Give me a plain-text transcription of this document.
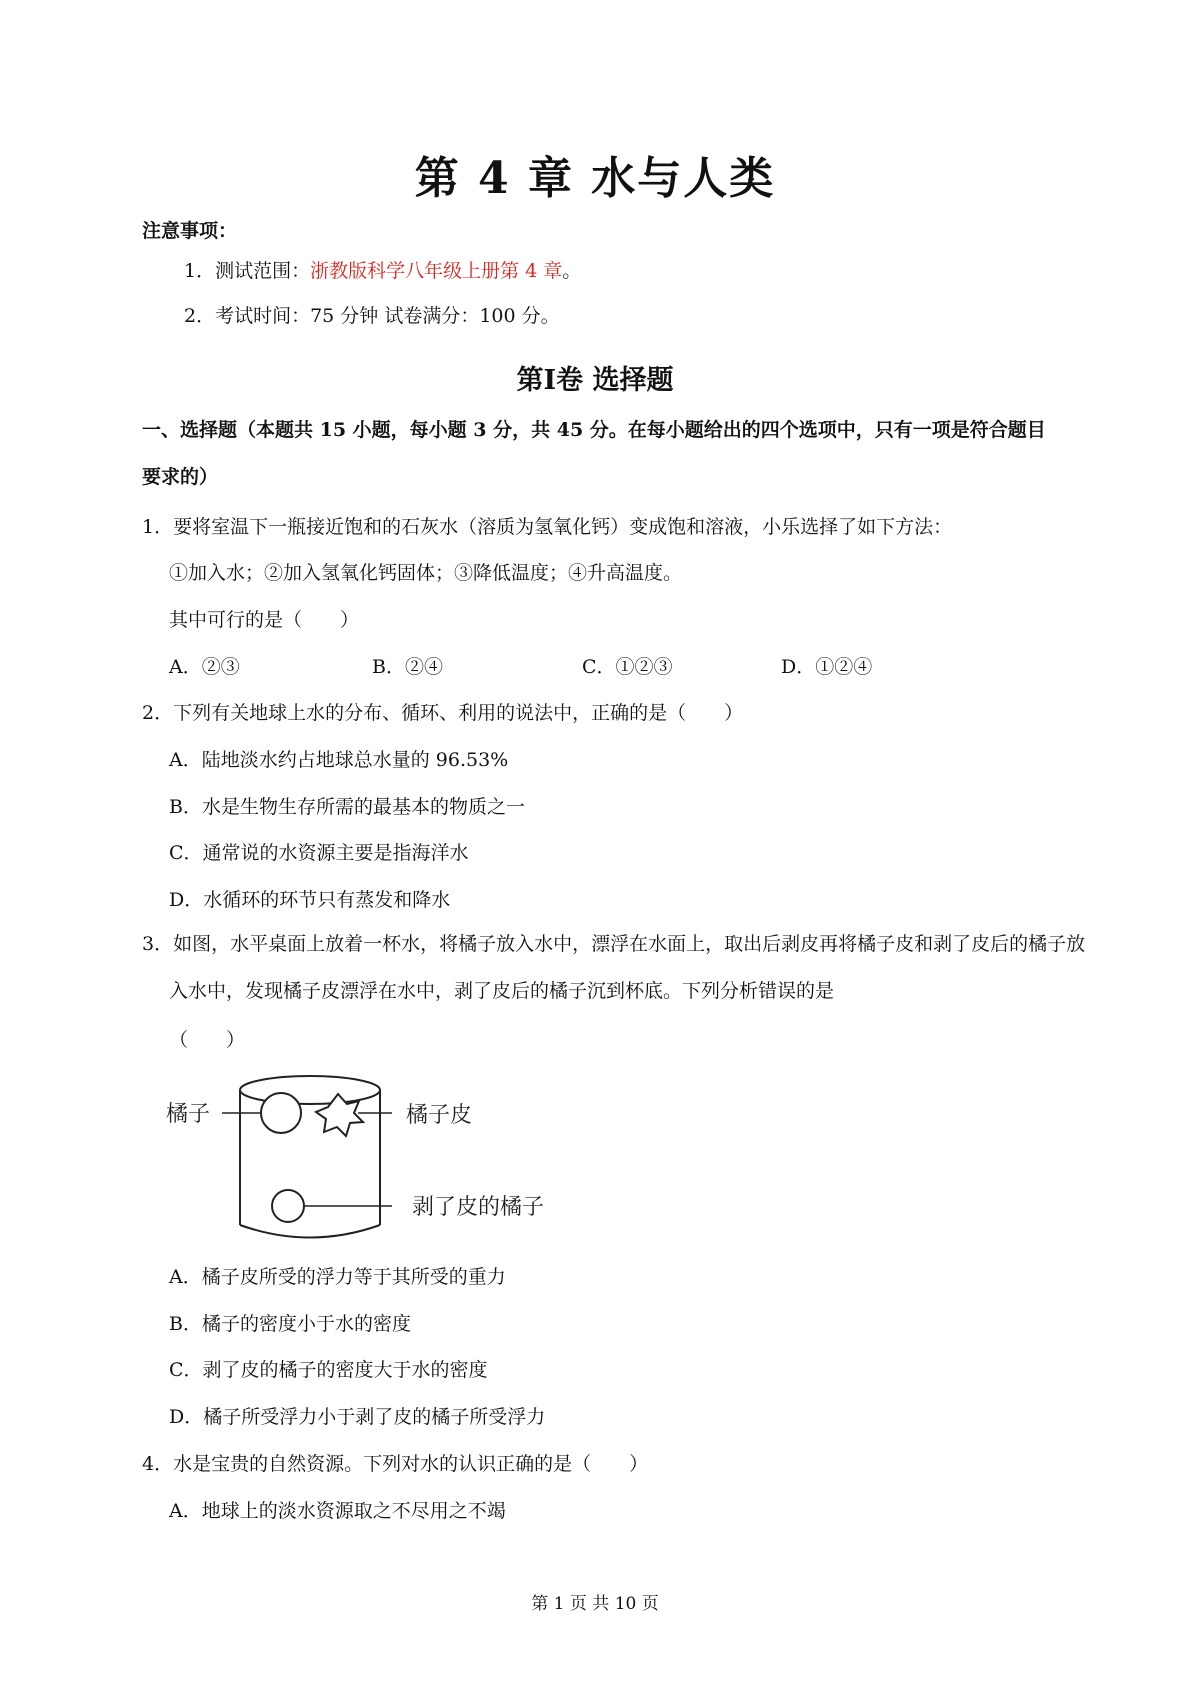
第 4 章 水与人类
注意事项：
1．测试范围：浙教版科学八年级上册第 4 章。
2．考试时间：75 分钟 试卷满分：100 分。
第Ⅰ卷 选择题
一、选择题（本题共 15 小题，每小题 3 分，共 45 分。在每小题给出的四个选项中，只有一项是符合题目要求的）
1．要将室温下一瓶接近饱和的石灰水（溶质为氢氧化钙）变成饱和溶液，小乐选择了如下方法：
①加入水；②加入氢氧化钙固体；③降低温度；④升高温度。
其中可行的是（　　）
A．②③	B．②④	C．①②③	D．①②④
2．下列有关地球上水的分布、循环、利用的说法中，正确的是（　　）
A．陆地淡水约占地球总水量的 96.53%
B．水是生物生存所需的最基本的物质之一
C．通常说的水资源主要是指海洋水
D．水循环的环节只有蒸发和降水
3．如图，水平桌面上放着一杯水，将橘子放入水中，漂浮在水面上，取出后剥皮再将橘子皮和剥了皮后的橘子放入水中，发现橘子皮漂浮在水中，剥了皮后的橘子沉到杯底。下列分析错误的是
（　　）
橘子	橘子皮
剥了皮的橘子
A．橘子皮所受的浮力等于其所受的重力
B．橘子的密度小于水的密度
C．剥了皮的橘子的密度大于水的密度
D．橘子所受浮力小于剥了皮的橘子所受浮力
4．水是宝贵的自然资源。下列对水的认识正确的是（　　）
A．地球上的淡水资源取之不尽用之不竭
第 1 页 共 10 页
